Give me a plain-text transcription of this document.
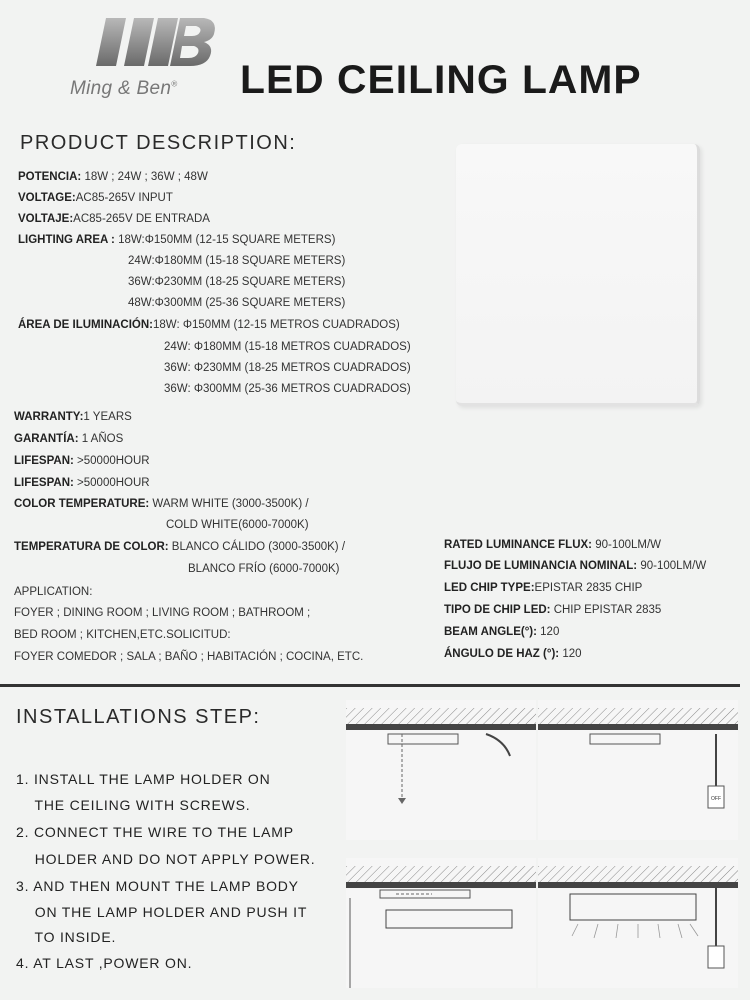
Ming & Ben® LED CEILING LAMP
PRODUCT DESCRIPTION:
POTENCIA: 18W ; 24W ; 36W ; 48W
VOLTAGE:AC85-265V INPUT
VOLTAJE:AC85-265V DE ENTRADA
LIGHTING AREA : 18W:Φ150MM (12-15 SQUARE METERS)
24W:Φ180MM (15-18 SQUARE METERS)
36W:Φ230MM (18-25 SQUARE METERS)
48W:Φ300MM (25-36 SQUARE METERS)
ÁREA DE ILUMINACIÓN:18W: Φ150MM (12-15 METROS CUADRADOS)
24W: Φ180MM (15-18 METROS CUADRADOS)
36W: Φ230MM (18-25 METROS CUADRADOS)
36W: Φ300MM (25-36 METROS CUADRADOS)
WARRANTY:1 YEARS
GARANTÍA: 1 AÑOS
LIFESPAN: >50000HOUR
LIFESPAN: >50000HOUR
COLOR TEMPERATURE: WARM WHITE (3000-3500K) /
COLD WHITE(6000-7000K)
TEMPERATURA DE COLOR: BLANCO CÁLIDO (3000-3500K) /
BLANCO FRÍO (6000-7000K)
APPLICATION:
FOYER ; DINING ROOM ; LIVING ROOM ; BATHROOM ;
BED ROOM ; KITCHEN,ETC.SOLICITUD:
FOYER COMEDOR ; SALA ; BAÑO ; HABITACIÓN ; COCINA, ETC.
RATED LUMINANCE FLUX: 90-100LM/W
FLUJO DE LUMINANCIA NOMINAL: 90-100LM/W
LED CHIP TYPE:EPISTAR 2835 CHIP
TIPO DE CHIP LED: CHIP EPISTAR 2835
BEAM ANGLE(°): 120
ÁNGULO DE HAZ (°): 120
INSTALLATIONS STEP:
1. INSTALL THE LAMP HOLDER ON
THE CEILING WITH SCREWS.
2. CONNECT THE WIRE TO THE LAMP
HOLDER AND DO NOT APPLY POWER.
3. AND THEN MOUNT THE LAMP BODY
ON THE LAMP HOLDER AND PUSH IT
TO INSIDE.
4. AT LAST ,POWER ON.
OFF
